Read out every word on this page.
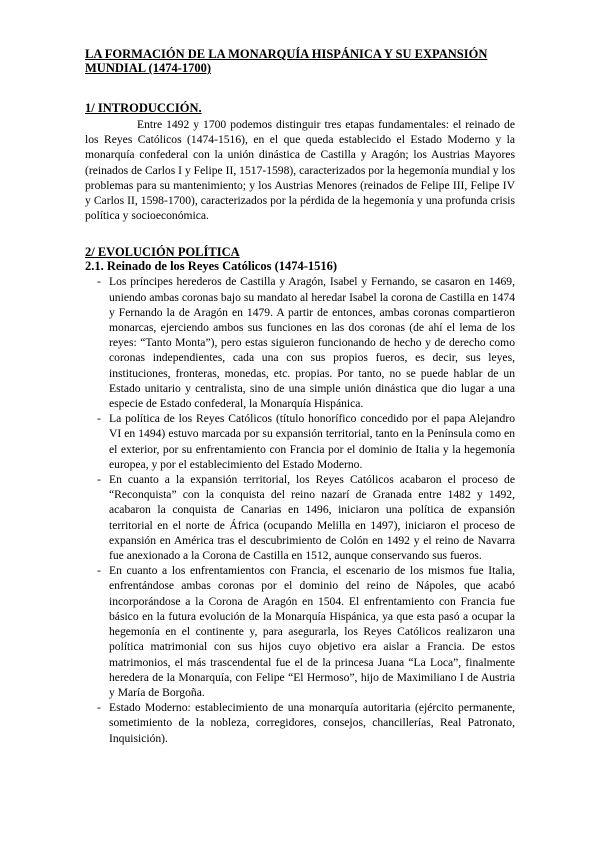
LA FORMACIÓN DE LA MONARQUÍA HISPÁNICA Y SU EXPANSIÓN MUNDIAL (1474-1700)
1/ INTRODUCCIÓN.

Entre 1492 y 1700 podemos distinguir tres etapas fundamentales: el reinado de los Reyes Católicos (1474-1516), en el que queda establecido el Estado Moderno y la monarquía confederal con la unión dinástica de Castilla y Aragón; los Austrias Mayores (reinados de Carlos I y Felipe II, 1517-1598), caracterizados por la hegemonía mundial y los problemas para su mantenimiento; y los Austrias Menores (reinados de Felipe III, Felipe IV y Carlos II, 1598-1700), caracterizados por la pérdida de la hegemonía y una profunda crisis política y socioeconómica.

2/ EVOLUCIÓN POLÍTICA
2.1. Reinado de los Reyes Católicos (1474-1516)
- Los príncipes herederos de Castilla y Aragón, Isabel y Fernando, se casaron en 1469, uniendo ambas coronas bajo su mandato al heredar Isabel la corona de Castilla en 1474 y Fernando la de Aragón en 1479. A partir de entonces, ambas coronas compartieron monarcas, ejerciendo ambos sus funciones en las dos coronas (de ahí el lema de los reyes: “Tanto Monta”), pero estas siguieron funcionando de hecho y de derecho como coronas independientes, cada una con sus propios fueros, es decir, sus leyes, instituciones, fronteras, monedas, etc. propias. Por tanto, no se puede hablar de un Estado unitario y centralista, sino de una simple unión dinástica que dio lugar a una especie de Estado confederal, la Monarquía Hispánica.
- La política de los Reyes Católicos (título honorífico concedido por el papa Alejandro VI en 1494) estuvo marcada por su expansión territorial, tanto en la Península como en el exterior, por su enfrentamiento con Francia por el dominio de Italia y la hegemonía europea, y por el establecimiento del Estado Moderno.
- En cuanto a la expansión territorial, los Reyes Católicos acabaron el proceso de “Reconquista” con la conquista del reino nazarí de Granada entre 1482 y 1492, acabaron la conquista de Canarias en 1496, iniciaron una política de expansión territorial en el norte de África (ocupando Melilla en 1497), iniciaron el proceso de expansión en América tras el descubrimiento de Colón en 1492 y el reino de Navarra fue anexionado a la Corona de Castilla en 1512, aunque conservando sus fueros.
- En cuanto a los enfrentamientos con Francia, el escenario de los mismos fue Italia, enfrentándose ambas coronas por el dominio del reino de Nápoles, que acabó incorporándose a la Corona de Aragón en 1504. El enfrentamiento con Francia fue básico en la futura evolución de la Monarquía Hispánica, ya que esta pasó a ocupar la hegemonía en el continente y, para asegurarla, los Reyes Católicos realizaron una política matrimonial con sus hijos cuyo objetivo era aislar a Francia. De estos matrimonios, el más trascendental fue el de la princesa Juana “La Loca”, finalmente heredera de la Monarquía, con Felipe “El Hermoso”, hijo de Maximiliano I de Austria y María de Borgoña.
- Estado Moderno: establecimiento de una monarquía autoritaria (ejército permanente, sometimiento de la nobleza, corregidores, consejos, chancillerías, Real Patronato, Inquisición).
